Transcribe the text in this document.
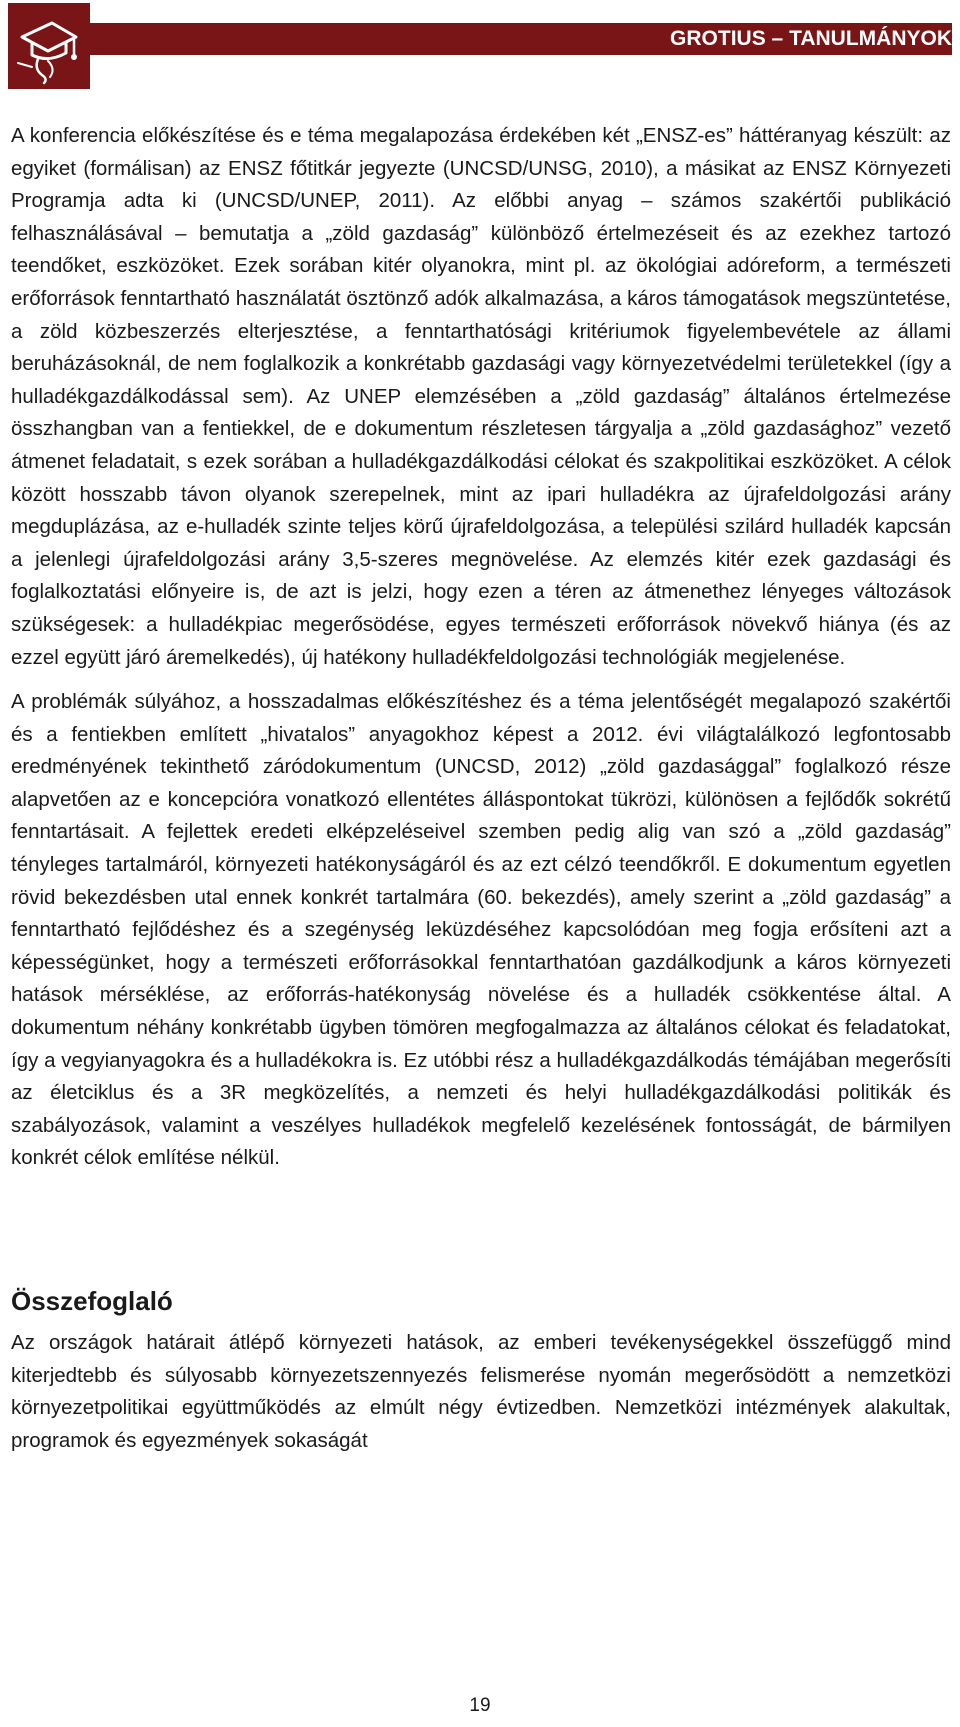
GROTIUS – TANULMÁNYOK

A konferencia előkészítése és e téma megalapozása érdekében két „ENSZ-es” háttéranyag készült: az egyiket (formálisan) az ENSZ főtitkár jegyezte (UNCSD/UNSG, 2010), a másikat az ENSZ Környezeti Programja adta ki (UNCSD/UNEP, 2011). Az előbbi anyag – számos szakértői publikáció felhasználásával – bemutatja a „zöld gazdaság” különböző értelmezéseit és az ezekhez tartozó teendőket, eszközöket. Ezek sorában kitér olyanokra, mint pl. az ökológiai adóreform, a természeti erőforrások fenntartható használatát ösztönző adók alkalmazása, a káros támogatások megszüntetése, a zöld közbeszerzés elterjesztése, a fenntarthatósági kritériumok figyelembevétele az állami beruházásoknál, de nem foglalkozik a konkrétabb gazdasági vagy környezetvédelmi területekkel (így a hulladékgazdálkodással sem). Az UNEP elemzésében a „zöld gazdaság” általános értelmezése összhangban van a fentiekkel, de e dokumentum részletesen tárgyalja a „zöld gazdasághoz” vezető átmenet feladatait, s ezek sorában a hulladékgazdálkodási célokat és szakpolitikai eszközöket. A célok között hosszabb távon olyanok szerepelnek, mint az ipari hulladékra az újrafeldolgozási arány megduplázása, az e-hulladék szinte teljes körű újrafeldolgozása, a települési szilárd hulladék kapcsán a jelenlegi újrafeldolgozási arány 3,5-szeres megnövelése. Az elemzés kitér ezek gazdasági és foglalkoztatási előnyeire is, de azt is jelzi, hogy ezen a téren az átmenethez lényeges változások szükségesek: a hulladékpiac megerősödése, egyes természeti erőforrások növekvő hiánya (és az ezzel együtt járó áremelkedés), új hatékony hulladékfeldolgozási technológiák megjelenése.

A problémák súlyához, a hosszadalmas előkészítéshez és a téma jelentőségét megalapozó szakértői és a fentiekben említett „hivatalos” anyagokhoz képest a 2012. évi világtalálkozó legfontosabb eredményének tekinthető záródokumentum (UNCSD, 2012) „zöld gazdasággal” foglalkozó része alapvetően az e koncepcióra vonatkozó ellentétes álláspontokat tükrözi, különösen a fejlődők sokrétű fenntartásait. A fejlettek eredeti elképzeléseivel szemben pedig alig van szó a „zöld gazdaság” tényleges tartalmáról, környezeti hatékonyságáról és az ezt célzó teendőkről. E dokumentum egyetlen rövid bekezdésben utal ennek konkrét tartalmára (60. bekezdés), amely szerint a „zöld gazdaság” a fenntartható fejlődéshez és a szegénység leküzdéséhez kapcsolódóan meg fogja erősíteni azt a képességünket, hogy a természeti erőforrásokkal fenntarthatóan gazdálkodjunk a káros környezeti hatások mérséklése, az erőforrás-hatékonyság növelése és a hulladék csökkentése által. A dokumentum néhány konkrétabb ügyben tömören megfogalmazza az általános célokat és feladatokat, így a vegyianyagokra és a hulladékokra is. Ez utóbbi rész a hulladékgazdálkodás témájában megerősíti az életciklus és a 3R megközelítés, a nemzeti és helyi hulladékgazdálkodási politikák és szabályozások, valamint a veszélyes hulladékok megfelelő kezelésének fontosságát, de bármilyen konkrét célok említése nélkül.

Összefoglaló

Az országok határait átlépő környezeti hatások, az emberi tevékenységekkel összefüggő mind kiterjedtebb és súlyosabb környezetszennyezés felismerése nyomán megerősödött a nemzetközi környezetpolitikai együttműködés az elmúlt négy évtizedben. Nemzetközi intézmények alakultak, programok és egyezmények sokaságát

19
